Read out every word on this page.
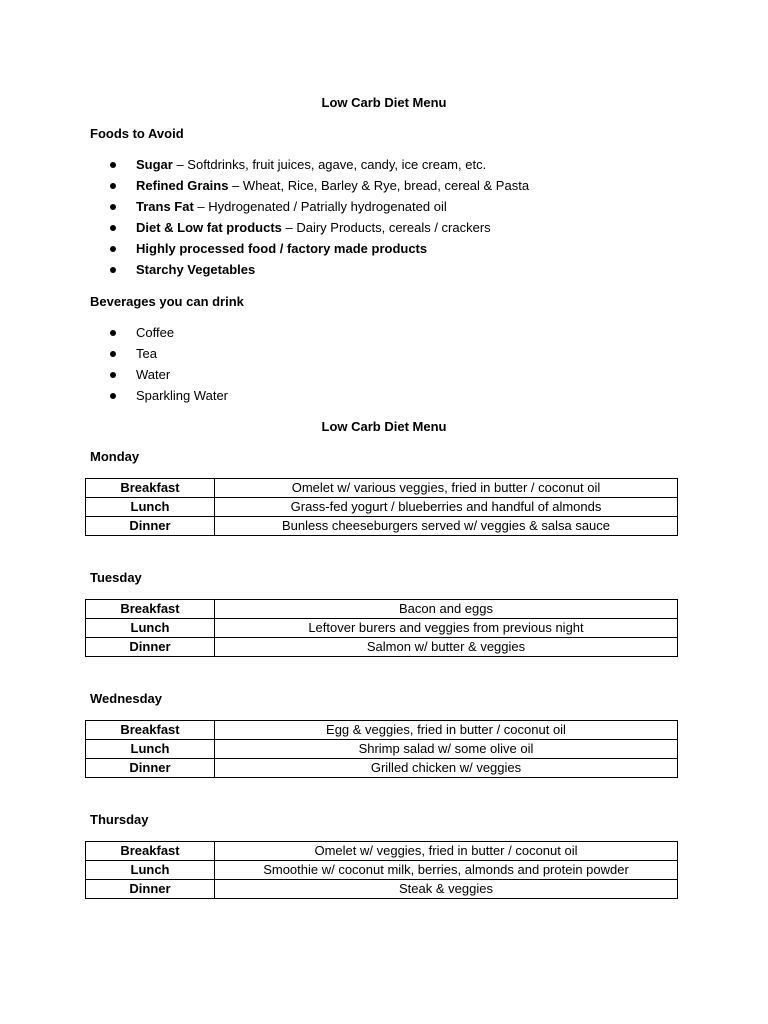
Low Carb Diet Menu
Foods to Avoid
Sugar – Softdrinks, fruit juices, agave, candy, ice cream, etc.
Refined Grains – Wheat, Rice, Barley & Rye, bread, cereal & Pasta
Trans Fat – Hydrogenated / Patrially hydrogenated oil
Diet & Low fat products – Dairy Products, cereals / crackers
Highly processed food / factory made products
Starchy Vegetables
Beverages you can drink
Coffee
Tea
Water
Sparkling Water
Low Carb Diet Menu
Monday
Breakfast	Omelet w/ various veggies, fried in butter / coconut oil
Lunch	Grass-fed yogurt / blueberries and handful of almonds
Dinner	Bunless cheeseburgers served w/ veggies & salsa sauce
Tuesday
Breakfast	Bacon and eggs
Lunch	Leftover burers and veggies from previous night
Dinner	Salmon w/ butter & veggies
Wednesday
Breakfast	Egg & veggies, fried in butter / coconut oil
Lunch	Shrimp salad w/ some olive oil
Dinner	Grilled chicken w/ veggies
Thursday
Breakfast	Omelet w/ veggies, fried in butter / coconut oil
Lunch	Smoothie w/ coconut milk, berries, almonds and protein powder
Dinner	Steak & veggies
